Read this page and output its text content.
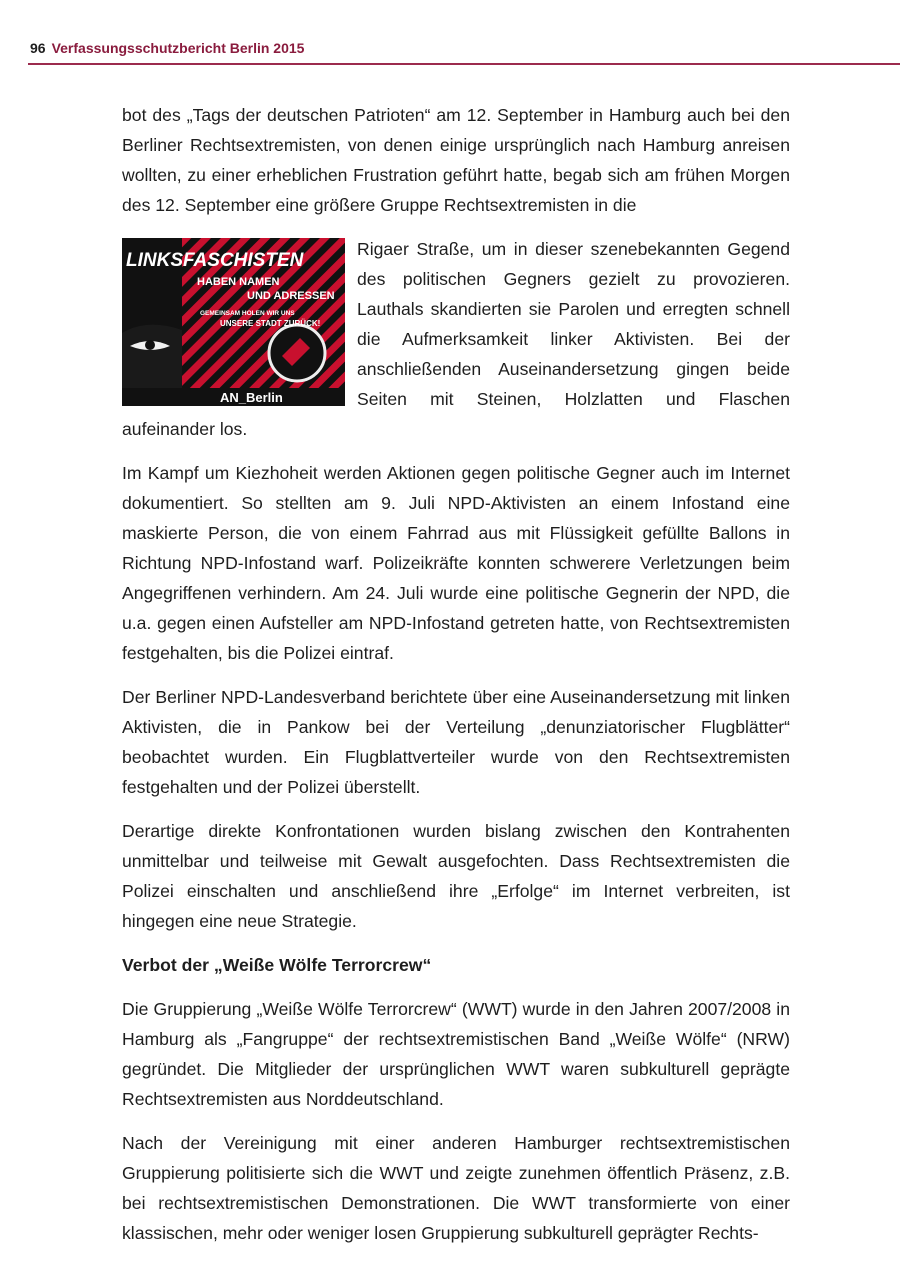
96 Verfassungsschutzbericht Berlin 2015

bot des „Tags der deutschen Patrioten“ am 12. September in Hamburg auch bei den Berliner Rechtsextremisten, von denen einige ursprünglich nach Hamburg anreisen wollten, zu einer erheblichen Frustration geführt hatte, begab sich am frühen Morgen des 12. September eine größere Gruppe Rechtsextremisten in die

LINKSFASCHISTEN
HABEN NAMEN
UND ADRESSEN
GEMEINSAM HOLEN WIR UNS
UNSERE STADT ZURÜCK!
AN_Berlin

Rigaer Straße, um in dieser szenebekannten Gegend des politischen Gegners gezielt zu provozieren. Lauthals skandierten sie Parolen und erregten schnell die Aufmerksamkeit linker Aktivisten. Bei der anschließenden Auseinandersetzung gingen beide Seiten mit Steinen, Holzlatten und Flaschen aufeinander los.

Im Kampf um Kiezhoheit werden Aktionen gegen politische Gegner auch im Internet dokumentiert. So stellten am 9. Juli NPD-Aktivisten an einem Infostand eine maskierte Person, die von einem Fahrrad aus mit Flüssigkeit gefüllte Ballons in Richtung NPD-Infostand warf. Polizeikräfte konnten schwerere Verletzungen beim Angegriffenen verhindern. Am 24. Juli wurde eine politische Gegnerin der NPD, die u.a. gegen einen Aufsteller am NPD-Infostand getreten hatte, von Rechtsextremisten festgehalten, bis die Polizei eintraf.

Der Berliner NPD-Landesverband berichtete über eine Auseinandersetzung mit linken Aktivisten, die in Pankow bei der Verteilung „denunziatorischer Flugblätter“ beobachtet wurden. Ein Flugblattverteiler wurde von den Rechtsextremisten festgehalten und der Polizei überstellt.

Derartige direkte Konfrontationen wurden bislang zwischen den Kontrahenten unmittelbar und teilweise mit Gewalt ausgefochten. Dass Rechtsextremisten die Polizei einschalten und anschließend ihre „Erfolge“ im Internet verbreiten, ist hingegen eine neue Strategie.

Verbot der „Weiße Wölfe Terrorcrew“

Die Gruppierung „Weiße Wölfe Terrorcrew“ (WWT) wurde in den Jahren 2007/2008 in Hamburg als „Fangruppe“ der rechtsextremistischen Band „Weiße Wölfe“ (NRW) gegründet. Die Mitglieder der ursprünglichen WWT waren subkulturell geprägte Rechtsextremisten aus Norddeutschland.

Nach der Vereinigung mit einer anderen Hamburger rechtsextremistischen Gruppierung politisierte sich die WWT und zeigte zunehmen öffentlich Präsenz, z.B. bei rechtsextremistischen Demonstrationen. Die WWT transformierte von einer klassischen, mehr oder weniger losen Gruppierung subkulturell geprägter Rechts-
